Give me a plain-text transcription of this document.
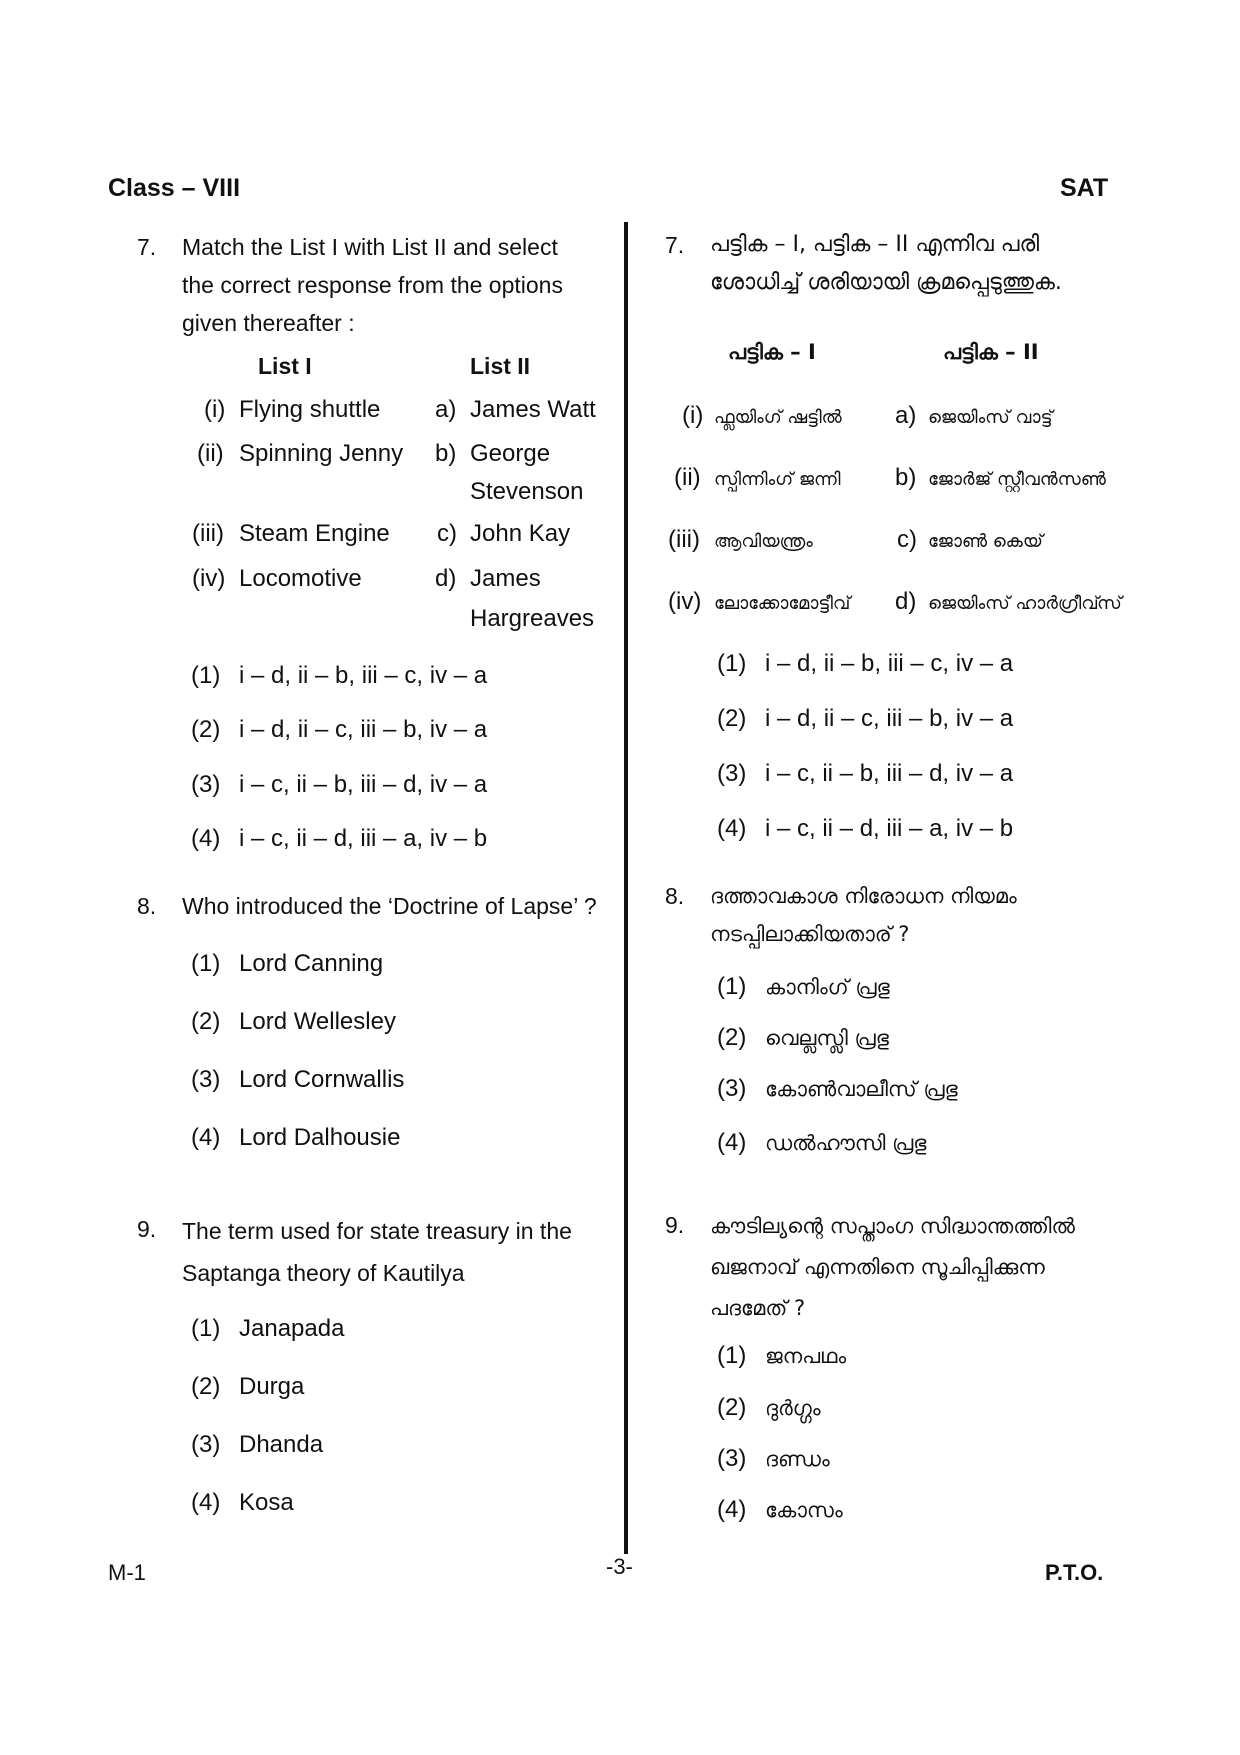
Class – VIII	SAT
7. Match the List I with List II and select
the correct response from the options
given thereafter :
List I	List II
(i) Flying shuttle a) James Watt
(ii) Spinning Jenny b) George
Stevenson
(iii) Steam Engine c) John Kay
(iv) Locomotive	d) James
Hargreaves
(1) i – d, ii – b, iii – c, iv – a
(2) i – d, ii – c, iii – b, iv – a
(3) i – c, ii – b, iii – d, iv – a
(4) i – c, ii – d, iii – a, iv – b
8. Who introduced the ‘Doctrine of Lapse’ ?
(1) Lord Canning
(2) Lord Wellesley
(3) Lord Cornwallis
(4) Lord Dalhousie
9. The term used for state treasury in the
Saptanga theory of Kautilya
(1) Janapada
(2) Durga
(3) Dhanda
(4) Kosa
7. പട്ടിക – I, പട്ടിക – II എന്നിവ പരി
ശോധിച്ച് ശരിയായി ക്രമപ്പെടുത്തുക.
പട്ടിക – I	പട്ടിക – II
(i) ഫ്ലയിംഗ് ഷട്ടിൽ a) ജെയിംസ് വാട്ട്
(ii) സ്പിന്നിംഗ് ജന്നി b) ജോർജ് സ്റ്റീവൻസൺ
(iii) ആവിയന്ത്രം	c) ജോൺ കെയ്
(iv) ലോക്കോമോട്ടീവ് d) ജെയിംസ് ഹാർഗ്രീവ്സ്
(1) i – d, ii – b, iii – c, iv – a
(2) i – d, ii – c, iii – b, iv – a
(3) i – c, ii – b, iii – d, iv – a
(4) i – c, ii – d, iii – a, iv – b
8. ദത്താവകാശ നിരോധന നിയമം
നടപ്പിലാക്കിയതാര് ?
(1) കാനിംഗ് പ്രഭു
(2) വെല്ലസ്ലി പ്രഭു
(3) കോൺവാലീസ് പ്രഭു
(4) ഡൽഹൗസി പ്രഭു
9. കൗടില്യന്റെ സപ്താംഗ സിദ്ധാന്തത്തിൽ
ഖജനാവ് എന്നതിനെ സൂചിപ്പിക്കുന്ന
പദമേത് ?
(1) ജനപഥം
(2) ദുർഗ്ഗം
(3) ദണ്ഡം
(4) കോസം
M-1	-3-	P.T.O.
